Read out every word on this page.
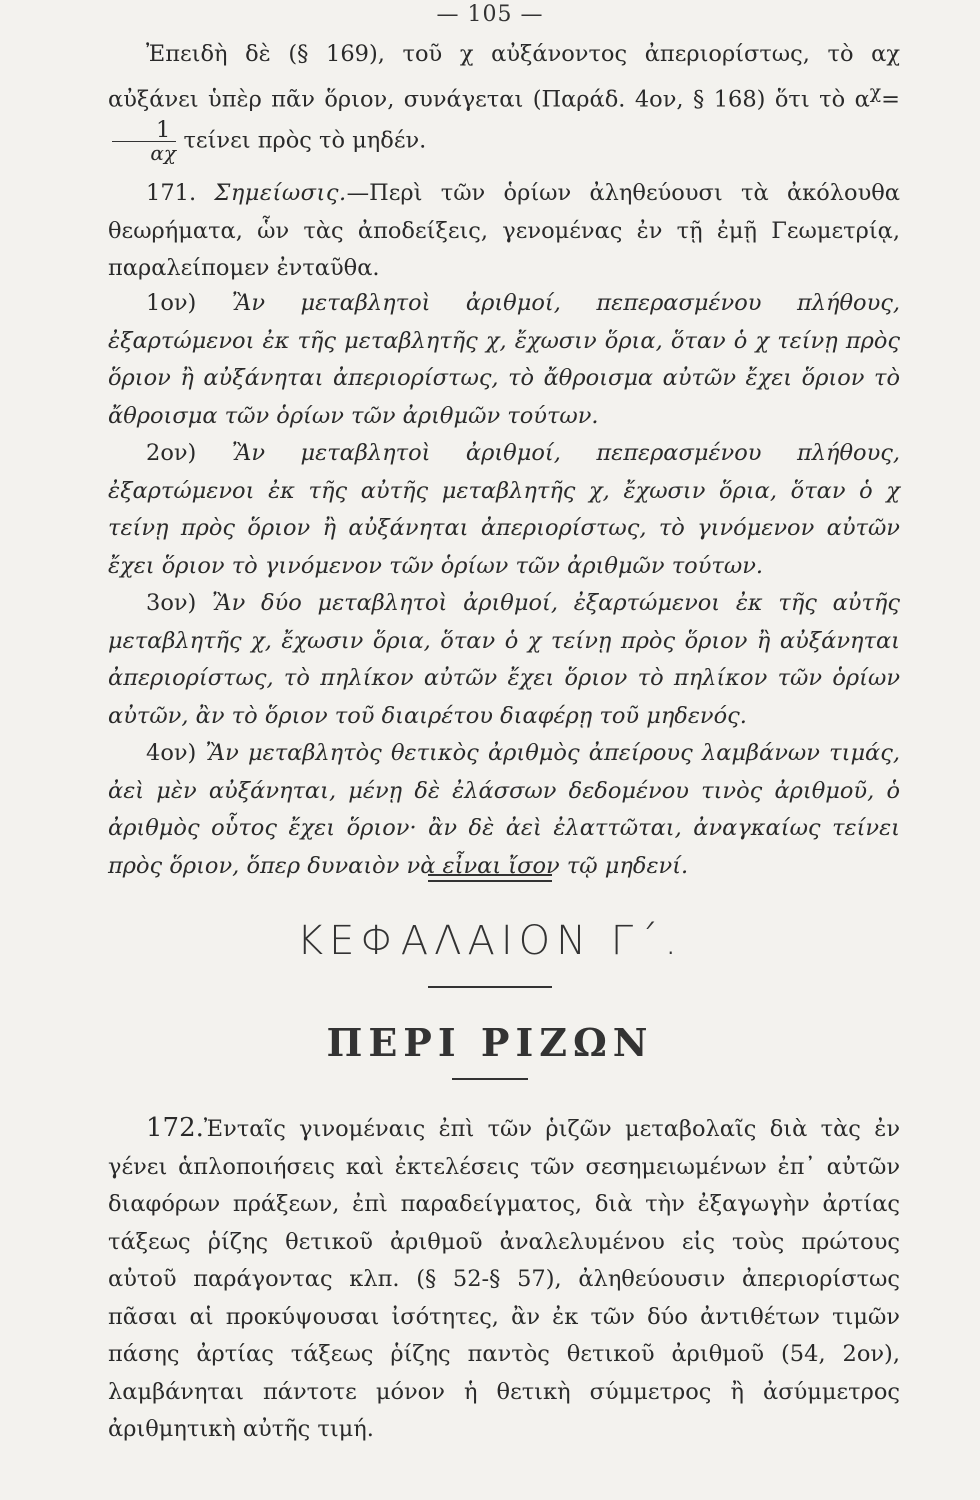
— 105 —

Ἐπειδὴ δὲ (§ 169), τοῦ χ αὐξάνοντος ἀπεριορίστως, τὸ αχ αὐξάνει ὑπὲρ πᾶν ὅριον, συνάγεται (Παράδ. 4ον, § 168) ὅτι τὸ $\alpha^\chi=$
$\frac{1}{\alpha\chi}$ τείνει πρὸς τὸ μηδέν.

171. Σημείωσις.—Περὶ τῶν ὁρίων ἀληθεύουσι τὰ ἀκόλουθα θεωρήματα, ὧν τὰς ἀποδείξεις, γενομένας ἐν τῇ ἐμῇ Γεωμετρίᾳ, παραλείπομεν ἐνταῦθα.

1ον) Ἂν μεταβλητοὶ ἀριθμοί, πεπερασμένου πλήθους, ἐξαρτώμενοι ἐκ τῆς μεταβλητῆς χ, ἔχωσιν ὅρια, ὅταν ὁ χ τείνῃ πρὸς ὅριον ἢ αὐξάνηται ἀπεριορίστως, τὸ ἄθροισμα αὐτῶν ἔχει ὅριον τὸ ἄθροισμα τῶν ὁρίων τῶν ἀριθμῶν τούτων.

2ον) Ἂν μεταβλητοὶ ἀριθμοί, πεπερασμένου πλήθους, ἐξαρτώμενοι ἐκ τῆς αὐτῆς μεταβλητῆς χ, ἔχωσιν ὅρια, ὅταν ὁ χ τείνῃ πρὸς ὅριον ἢ αὐξάνηται ἀπεριορίστως, τὸ γινόμενον αὐτῶν ἔχει ὅριον τὸ γινόμενον τῶν ὁρίων τῶν ἀριθμῶν τούτων.

3ον) Ἂν δύο μεταβλητοὶ ἀριθμοί, ἐξαρτώμενοι ἐκ τῆς αὐτῆς μεταβλητῆς χ, ἔχωσιν ὅρια, ὅταν ὁ χ τείνῃ πρὸς ὅριον ἢ αὐξάνηται ἀπεριορίστως, τὸ πηλίκον αὐτῶν ἔχει ὅριον τὸ πηλίκον τῶν ὁρίων αὐτῶν, ἂν τὸ ὅριον τοῦ διαιρέτου διαφέρῃ τοῦ μηδενός.

4ον) Ἂν μεταβλητὸς θετικὸς ἀριθμὸς ἀπείρους λαμβάνων τιμάς, ἀεὶ μὲν αὐξάνηται, μένῃ δὲ ἐλάσσων δεδομένου τινὸς ἀριθμοῦ, ὁ ἀριθμὸς οὗτος ἔχει ὅριον· ἂν δὲ ἀεὶ ἐλαττῶται, ἀναγκαίως τείνει πρὸς ὅριον, ὅπερ δυναιὸν νὰ εἶναι ἴσον τῷ μηδενί.

ΚΕΦΑΛΑΙΟΝ Γ΄.
ΠΕΡΙ ΡΙΖΩΝ

172.Ἐνταῖς γινομέναις ἐπὶ τῶν ῥιζῶν μεταβολαῖς διὰ τὰς ἐν γένει ἁπλοποιήσεις καὶ ἐκτελέσεις τῶν σεσημειωμένων ἐπ᾽ αὐτῶν διαφόρων πράξεων, ἐπὶ παραδείγματος, διὰ τὴν ἐξαγωγὴν ἀρτίας τάξεως ῥίζης θετικοῦ ἀριθμοῦ ἀναλελυμένου εἰς τοὺς πρώτους αὐτοῦ παράγοντας κλπ. (§ 52-§ 57), ἀληθεύουσιν ἀπεριορίστως πᾶσαι αἱ προκύψουσαι ἰσότητες, ἂν ἐκ τῶν δύο ἀντιθέτων τιμῶν πάσης ἀρτίας τάξεως ῥίζης παντὸς θετικοῦ ἀριθμοῦ (54, 2ον), λαμβάνηται πάντοτε μόνον ἡ θετικὴ σύμμετρος ἢ ἀσύμμετρος ἀριθμητικὴ αὐτῆς τιμή.
